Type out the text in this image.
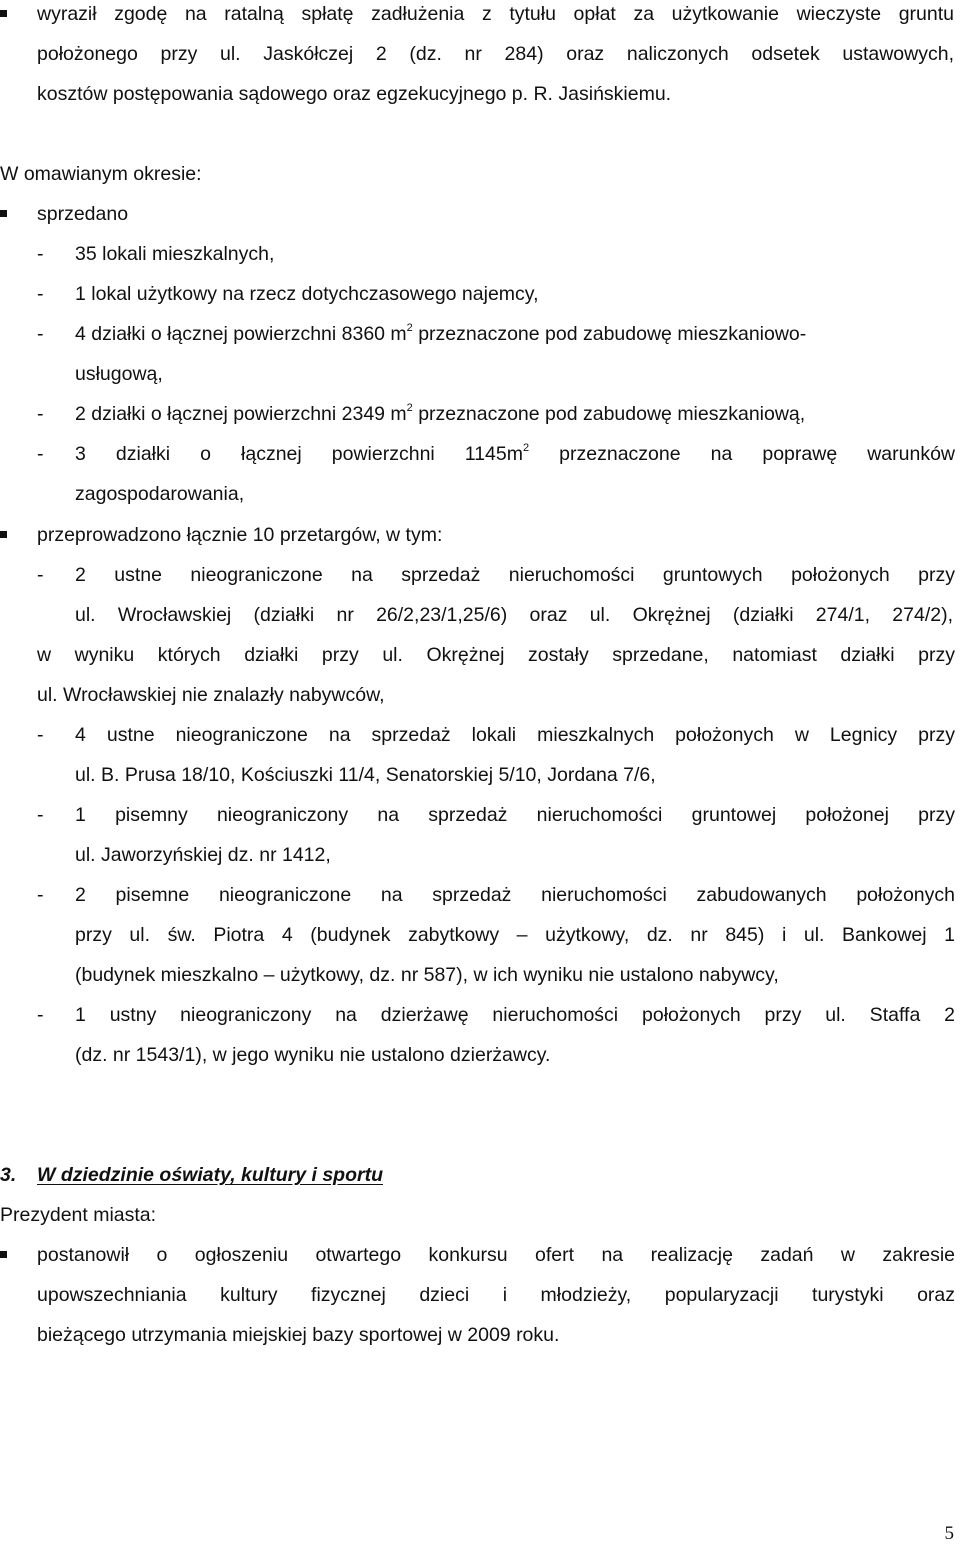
wyraził zgodę na ratalną spłatę zadłużenia z tytułu opłat za użytkowanie wieczyste gruntu
położonego przy ul. Jaskółczej 2 (dz. nr 284) oraz naliczonych odsetek ustawowych,
kosztów postępowania sądowego oraz egzekucyjnego p. R. Jasińskiemu.
W omawianym okresie:
sprzedano
- 35 lokali mieszkalnych,
- 1 lokal użytkowy na rzecz dotychczasowego najemcy,
- 4 działki o łącznej powierzchni 8360 $m^2$ przeznaczone pod zabudowę mieszkaniowo-
usługową,
- 2 działki o łącznej powierzchni 2349 $m^2$ przeznaczone pod zabudowę mieszkaniową,
- 3 działki o łącznej powierzchni $1145m^2$ przeznaczone na poprawę warunków
zagospodarowania,
przeprowadzono łącznie 10 przetargów, w tym:
- 2 ustne nieograniczone na sprzedaż nieruchomości gruntowych położonych przy
ul. Wrocławskiej (działki nr 26/2,23/1,25/6) oraz ul. Okrężnej (działki 274/1, 274/2),
w wyniku których działki przy ul. Okrężnej zostały sprzedane, natomiast działki przy
ul. Wrocławskiej nie znalazły nabywców,
- 4 ustne nieograniczone na sprzedaż lokali mieszkalnych położonych w Legnicy przy
ul. B. Prusa 18/10, Kościuszki 11/4, Senatorskiej 5/10, Jordana 7/6,
- 1 pisemny nieograniczony na sprzedaż nieruchomości gruntowej położonej przy
ul. Jaworzyńskiej dz. nr 1412,
- 2 pisemne nieograniczone na sprzedaż nieruchomości zabudowanych położonych
przy ul. św. Piotra 4 (budynek zabytkowy – użytkowy, dz. nr 845) i ul. Bankowej 1
(budynek mieszkalno – użytkowy, dz. nr 587), w ich wyniku nie ustalono nabywcy,
- 1 ustny nieograniczony na dzierżawę nieruchomości położonych przy ul. Staffa 2
(dz. nr 1543/1), w jego wyniku nie ustalono dzierżawcy.
3. W dziedzinie oświaty, kultury i sportu
Prezydent miasta:
postanowił o ogłoszeniu otwartego konkursu ofert na realizację zadań w zakresie
upowszechniania kultury fizycznej dzieci i młodzieży, popularyzacji turystyki oraz
bieżącego utrzymania miejskiej bazy sportowej w 2009 roku.
5
